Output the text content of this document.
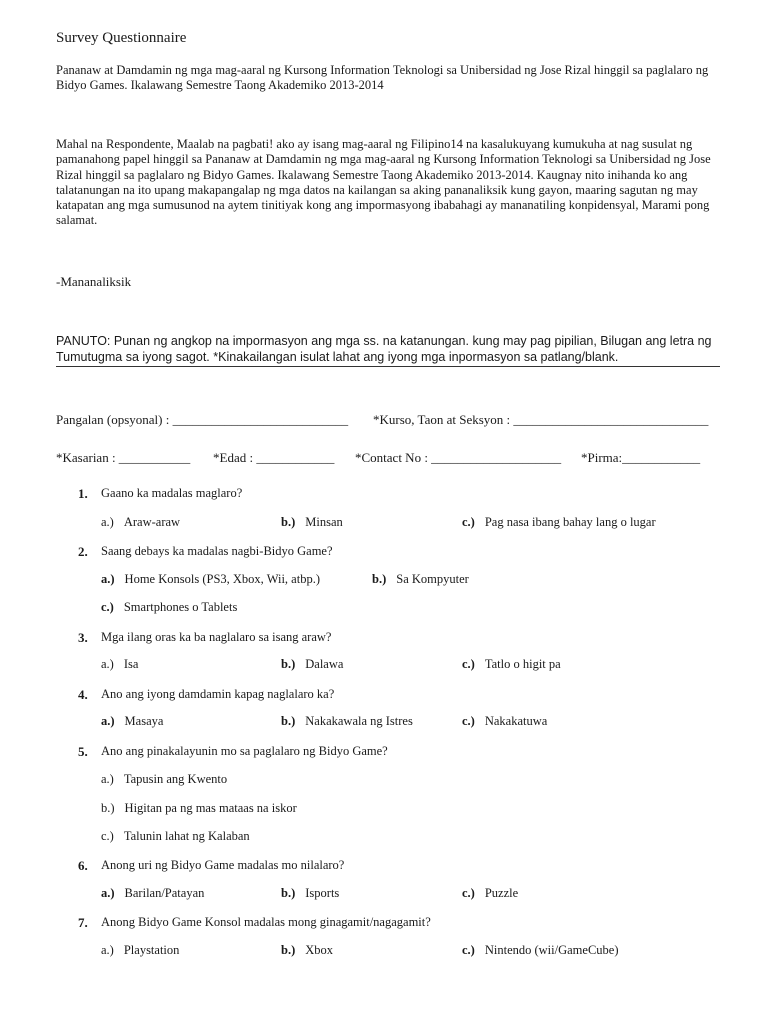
Survey Questionnaire
Pananaw at Damdamin ng mga mag-aaral ng Kursong Information Teknologi sa Unibersidad ng Jose Rizal hinggil sa paglalaro ng Bidyo Games. Ikalawang Semestre Taong Akademiko 2013-2014
Mahal na Respondente, Maalab na pagbati! ako ay isang mag-aaral ng Filipino14 na kasalukuyang kumukuha at nag susulat ng pamanahong papel hinggil sa Pananaw at Damdamin ng mga mag-aaral ng Kursong Information Teknologi sa Unibersidad ng Jose Rizal hinggil sa paglalaro ng Bidyo Games. Ikalawang Semestre Taong Akademiko 2013-2014. Kaugnay nito inihanda ko ang talatanungan na ito upang makapangalap ng mga datos na kailangan sa aking pananaliksik kung gayon, maaring sagutan ng may katapatan ang mga sumusunod na aytem tinitiyak kong ang impormasyong ibabahagi ay mananatiling konpidensyal, Marami pong salamat.
-Mananaliksik
PANUTO: Punan ng angkop na impormasyon ang mga ss. na katanungan. kung may pag pipilian, Bilugan ang letra ng Tumutugma sa iyong sagot. *Kinakailangan isulat lahat ang iyong mga inpormasyon sa patlang/blank.
Pangalan (opsyonal) : ___________________________ *Kurso, Taon at Seksyon : ______________________________
*Kasarian : ___________ *Edad : ____________ *Contact No : ____________________ *Pirma:____________
1. Gaano ka madalas maglaro?
a.) Araw-araw	b.) Minsan	c.) Pag nasa ibang bahay lang o lugar
2. Saang debays ka madalas nagbi-Bidyo Game?
a.) Home Konsols (PS3, Xbox, Wii, atbp.)	b.) Sa Kompyuter
c.) Smartphones o Tablets
3. Mga ilang oras ka ba naglalaro sa isang araw?
a.) Isa	b.) Dalawa	c.) Tatlo o higit pa
4. Ano ang iyong damdamin kapag naglalaro ka?
a.) Masaya	b.) Nakakawala ng Istres	c.) Nakakatuwa
5. Ano ang pinakalayunin mo sa paglalaro ng Bidyo Game?
a.) Tapusin ang Kwento
b.) Higitan pa ng mas mataas na iskor
c.) Talunin lahat ng Kalaban
6. Anong uri ng Bidyo Game madalas mo nilalaro?
a.) Barilan/Patayan	b.) Isports	c.) Puzzle
7. Anong Bidyo Game Konsol madalas mong ginagamit/nagagamit?
a.) Playstation	b.) Xbox	c.) Nintendo (wii/GameCube)
